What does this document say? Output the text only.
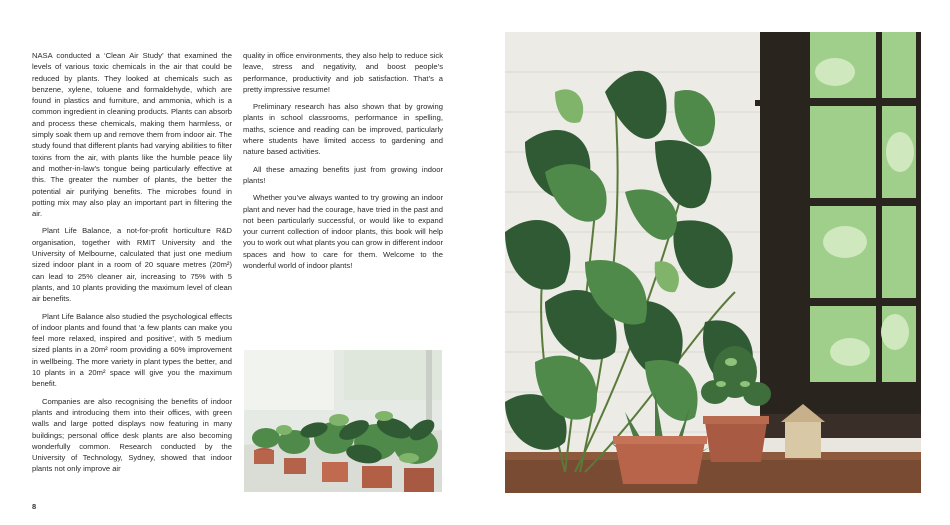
NASA conducted a ‘Clean Air Study’ that examined the levels of various toxic chemicals in the air that could be reduced by plants. They looked at chemicals such as benzene, xylene, toluene and formaldehyde, which are found in plastics and furniture, and ammonia, which is a common ingredient in cleaning products. Plants can absorb and process these chemicals, making them harmless, or simply soak them up and remove them from indoor air. The study found that different plants had varying abilities to filter toxins from the air, with plants like the humble peace lily and mother-in-law’s tongue being particularly effective at this. The greater the number of plants, the better the potential air purifying benefits. The microbes found in potting mix may also play an important part in filtering the air.

Plant Life Balance, a not-for-profit horticulture R&D organisation, together with RMIT University and the University of Melbourne, calculated that just one medium sized indoor plant in a room of 20 square metres (20m²) can lead to 25% cleaner air, increasing to 75% with 5 plants, and 10 plants providing the maximum level of clean air benefits.

Plant Life Balance also studied the psychological effects of indoor plants and found that ‘a few plants can make you feel more relaxed, inspired and positive’, with 5 medium sized plants in a 20m² room providing a 60% improvement in wellbeing. The more variety in plant types the better, and 10 plants in a 20m² space will give you the maximum benefit.

Companies are also recognising the benefits of indoor plants and introducing them into their offices, with green walls and large potted displays now featuring in many buildings; personal office desk plants are also becoming wonderfully common. Research conducted by the University of Technology, Sydney, showed that indoor plants not only improve air

quality in office environments, they also help to reduce sick leave, stress and negativity, and boost people’s performance, productivity and job satisfaction. That’s a pretty impressive resume!

Preliminary research has also shown that by growing plants in school classrooms, performance in spelling, maths, science and reading can be improved, particularly where students have limited access to gardening and nature based activities.

All these amazing benefits just from growing indoor plants!

Whether you’ve always wanted to try growing an indoor plant and never had the courage, have tried in the past and not been particularly successful, or would like to expand your current collection of indoor plants, this book will help you to work out what plants you can grow in different indoor spaces and how to care for them. Welcome to the wonderful world of indoor plants!

8
